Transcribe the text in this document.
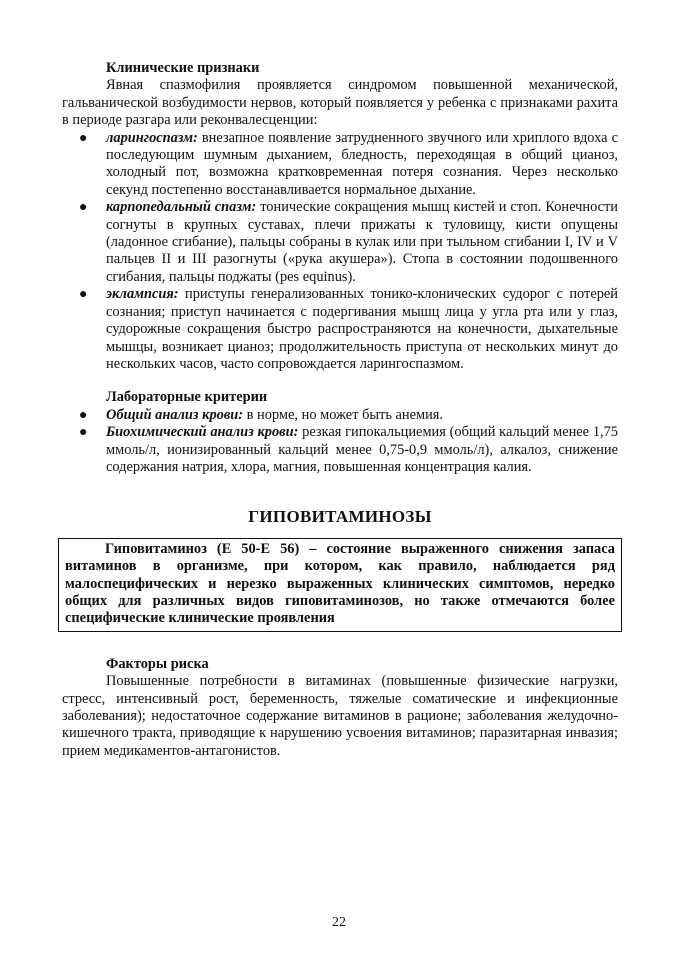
Клинические признаки

Явная спазмофилия проявляется синдромом повышенной механической, гальванической возбудимости нервов, который появляется у ребенка с признаками рахита в периоде разгара или реконвалесценции:

● ларингоспазм: внезапное появление затрудненного звучного или хриплого вдоха с последующим шумным дыханием, бледность, переходящая в общий цианоз, холодный пот, возможна кратковременная потеря сознания. Через несколько секунд постепенно восстанавливается нормальное дыхание.
● карпопедальный спазм: тонические сокращения мышц кистей и стоп. Конечности согнуты в крупных суставах, плечи прижаты к туловищу, кисти опущены (ладонное сгибание), пальцы собраны в кулак или при тыльном сгибании I, IV и V пальцев II и III разогнуты («рука акушера»). Стопа в состоянии подошвенного сгибания, пальцы поджаты (pes equinus).
● эклампсия: приступы генерализованных тонико-клонических судорог с потерей сознания; приступ начинается с подергивания мышц лица у угла рта или у глаз, судорожные сокращения быстро распространяются на конечности, дыхательные мышцы, возникает цианоз; продолжительность приступа от нескольких минут до нескольких часов, часто сопровождается ларингоспазмом.
Лабораторные критерии
● Общий анализ крови: в норме, но может быть анемия.
● Биохимический анализ крови: резкая гипокальциемия (общий кальций менее 1,75 ммоль/л, ионизированный кальций менее 0,75-0,9 ммоль/л), алкалоз, снижение содержания натрия, хлора, магния, повышенная концентрация калия.
ГИПОВИТАМИНОЗЫ

Гиповитаминоз (Е 50-Е 56) – состояние выраженного снижения запаса витаминов в организме, при котором, как правило, наблюдается ряд малоспецифических и нерезко выраженных клинических симптомов, нередко общих для различных видов гиповитаминозов, но также отмечаются более специфические клинические проявления

Факторы риска

Повышенные потребности в витаминах (повышенные физические нагрузки, стресс, интенсивный рост, беременность, тяжелые соматические и инфекционные заболевания); недостаточное содержание витаминов в рационе; заболевания желудочно-кишечного тракта, приводящие к нарушению усвоения витаминов; паразитарная инвазия; прием медикаментов-антагонистов.

22
